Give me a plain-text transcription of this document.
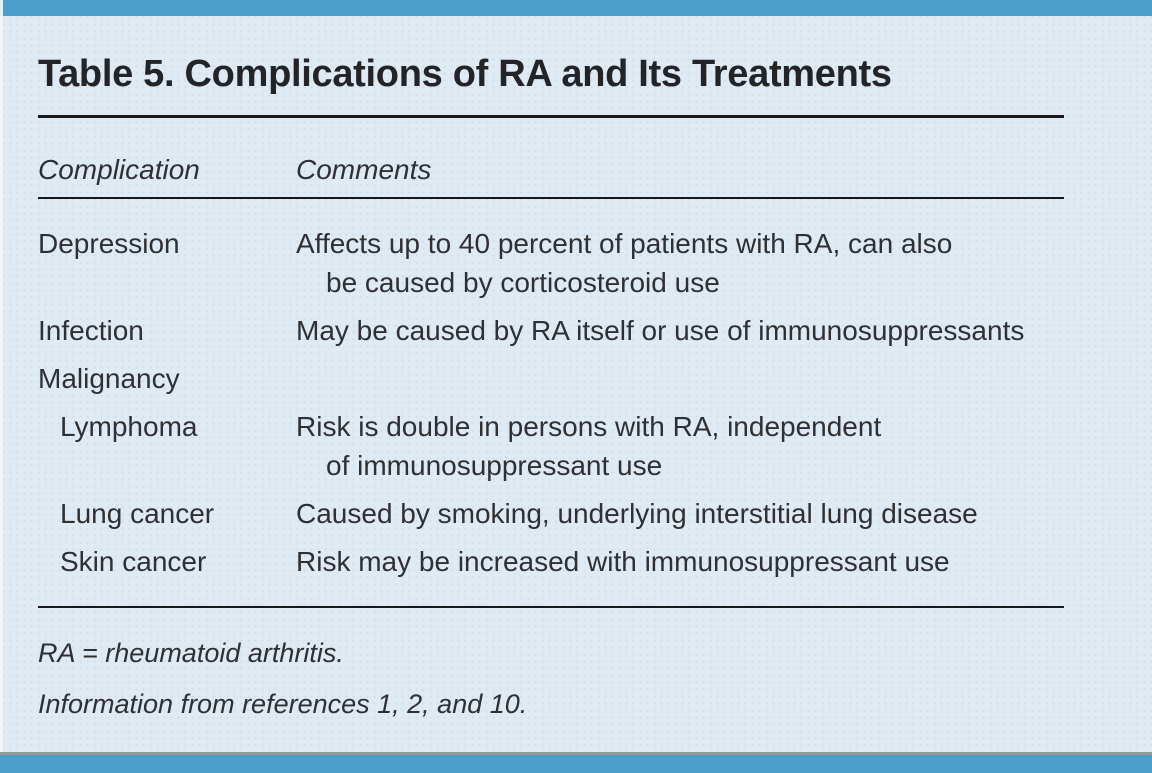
Table 5. Complications of RA and Its Treatments
Complication	Comments
Depression	Affects up to 40 percent of patients with RA, can also
be caused by corticosteroid use
Infection	May be caused by RA itself or use of immunosuppressants
Malignancy
Lymphoma	Risk is double in persons with RA, independent
of immunosuppressant use
Lung cancer	Caused by smoking, underlying interstitial lung disease
Skin cancer	Risk may be increased with immunosuppressant use

RA = rheumatoid arthritis.

Information from references 1, 2, and 10.
